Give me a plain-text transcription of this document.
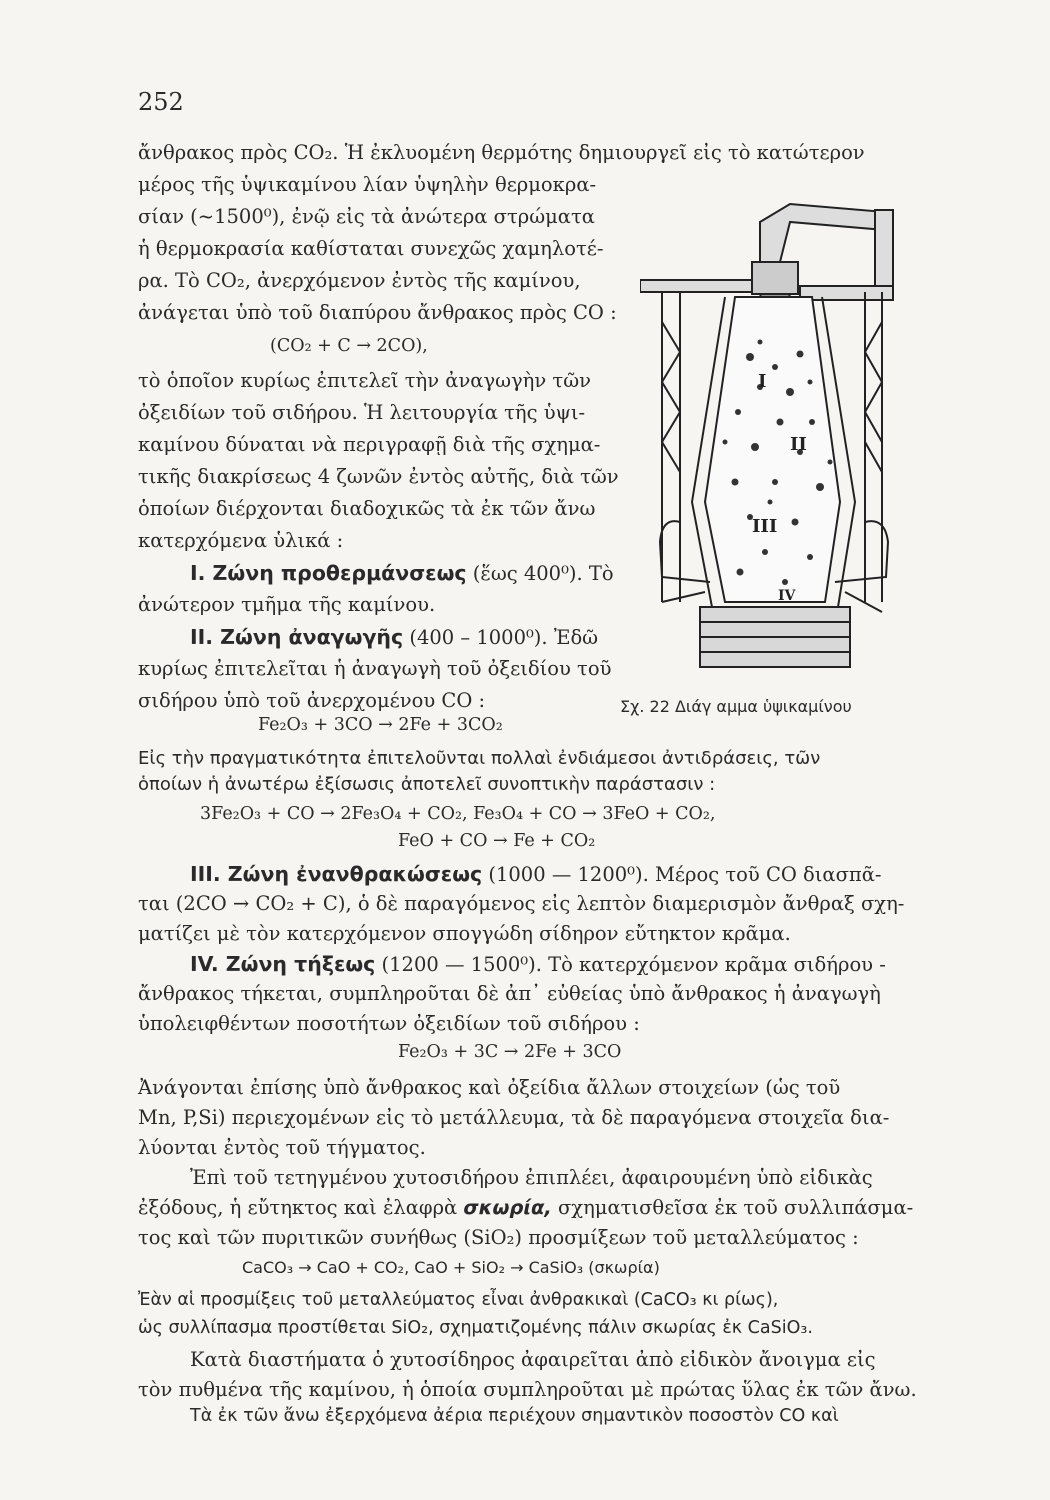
252
ἄνθρακος πρὸς CO₂. Ἡ ἐκλυομένη θερμότης δημιουργεῖ εἰς τὸ κατώτερον
μέρος τῆς ὑψικαμίνου λίαν ὑψηλὴν θερμοκρα-
σίαν (~1500⁰), ἐνῷ εἰς τὰ ἀνώτερα στρώματα
ἡ θερμοκρασία καθίσταται συνεχῶς χαμηλοτέ-
ρα. Τὸ CO₂, ἀνερχόμενον ἐντὸς τῆς καμίνου,
ἀνάγεται ὑπὸ τοῦ διαπύρου ἄνθρακος πρὸς CO :
(CO₂ + C → 2CO),
τὸ ὁποῖον κυρίως ἐπιτελεῖ τὴν ἀναγωγὴν τῶν
ὀξειδίων τοῦ σιδήρου. Ἡ λειτουργία τῆς ὑψι-
καμίνου δύναται νὰ περιγραφῇ διὰ τῆς σχημα-
τικῆς διακρίσεως 4 ζωνῶν ἐντὸς αὐτῆς, διὰ τῶν
ὁποίων διέρχονται διαδοχικῶς τὰ ἐκ τῶν ἄνω
κατερχόμενα ὑλικά :
Ι. Ζώνη προθερμάνσεως (ἕως 400⁰). Τὸ
ἀνώτερον τμῆμα τῆς καμίνου.
ΙΙ. Ζώνη ἀναγωγῆς (400 – 1000⁰). Ἐδῶ
κυρίως ἐπιτελεῖται ἡ ἀναγωγὴ τοῦ ὀξειδίου τοῦ
σιδήρου ὑπὸ τοῦ ἀνερχομένου CO :
Fe₂O₃ + 3CO → 2Fe + 3CO₂
I
II
III
IV
Σχ. 22 Διάγ αμμα ὑψικαμίνου
Εἰς τὴν πραγματικότητα ἐπιτελοῦνται πολλαὶ ἐνδιάμεσοι ἀντιδράσεις, τῶν
ὁποίων ἡ ἀνωτέρω ἐξίσωσις ἀποτελεῖ συνοπτικὴν παράστασιν :
3Fe₂O₃ + CO → 2Fe₃O₄ + CO₂, Fe₃O₄ + CO → 3FeO + CO₂,
FeO + CO → Fe + CO₂
ΙΙΙ. Ζώνη ἐνανθρακώσεως (1000 — 1200⁰). Μέρος τοῦ CO διασπᾶ-
ται (2CO → CO₂ + C), ὁ δὲ παραγόμενος εἰς λεπτὸν διαμερισμὸν ἄνθραξ σχη-
ματίζει μὲ τὸν κατερχόμενον σπογγώδη σίδηρον εὔτηκτον κρᾶμα.
ΙV. Ζώνη τήξεως (1200 — 1500⁰). Τὸ κατερχόμενον κρᾶμα σιδήρου -
ἄνθρακος τήκεται, συμπληροῦται δὲ ἀπ᾽ εὐθείας ὑπὸ ἄνθρακος ἡ ἀναγωγὴ
ὑπολειφθέντων ποσοτήτων ὀξειδίων τοῦ σιδήρου :
Fe₂O₃ + 3C → 2Fe + 3CO
Ἀνάγονται ἐπίσης ὑπὸ ἄνθρακος καὶ ὀξείδια ἄλλων στοιχείων (ὡς τοῦ
Mn, P,Si) περιεχομένων εἰς τὸ μετάλλευμα, τὰ δὲ παραγόμενα στοιχεῖα δια-
λύονται ἐντὸς τοῦ τήγματος.
Ἐπὶ τοῦ τετηγμένου χυτοσιδήρου ἐπιπλέει, ἀφαιρουμένη ὑπὸ εἰδικὰς
ἐξόδους, ἡ εὔτηκτος καὶ ἐλαφρὰ σκωρία, σχηματισθεῖσα ἐκ τοῦ συλλιπάσμα-
τος καὶ τῶν πυριτικῶν συνήθως (SiO₂) προσμίξεων τοῦ μεταλλεύματος :
CaCO₃ → CaO + CO₂, CaO + SiO₂ → CaSiO₃ (σκωρία)
Ἐὰν αἱ προσμίξεις τοῦ μεταλλεύματος εἶναι ἀνθρακικαὶ (CaCO₃ κι ρίως),
ὡς συλλίπασμα προστίθεται SiO₂, σχηματιζομένης πάλιν σκωρίας ἐκ CaSiO₃.
Κατὰ διαστήματα ὁ χυτοσίδηρος ἀφαιρεῖται ἀπὸ εἰδικὸν ἄνοιγμα εἰς
τὸν πυθμένα τῆς καμίνου, ἡ ὁποία συμπληροῦται μὲ πρώτας ὕλας ἐκ τῶν ἄνω.
Τὰ ἐκ τῶν ἄνω ἐξερχόμενα ἀέρια περιέχουν σημαντικὸν ποσοστὸν CO καὶ
